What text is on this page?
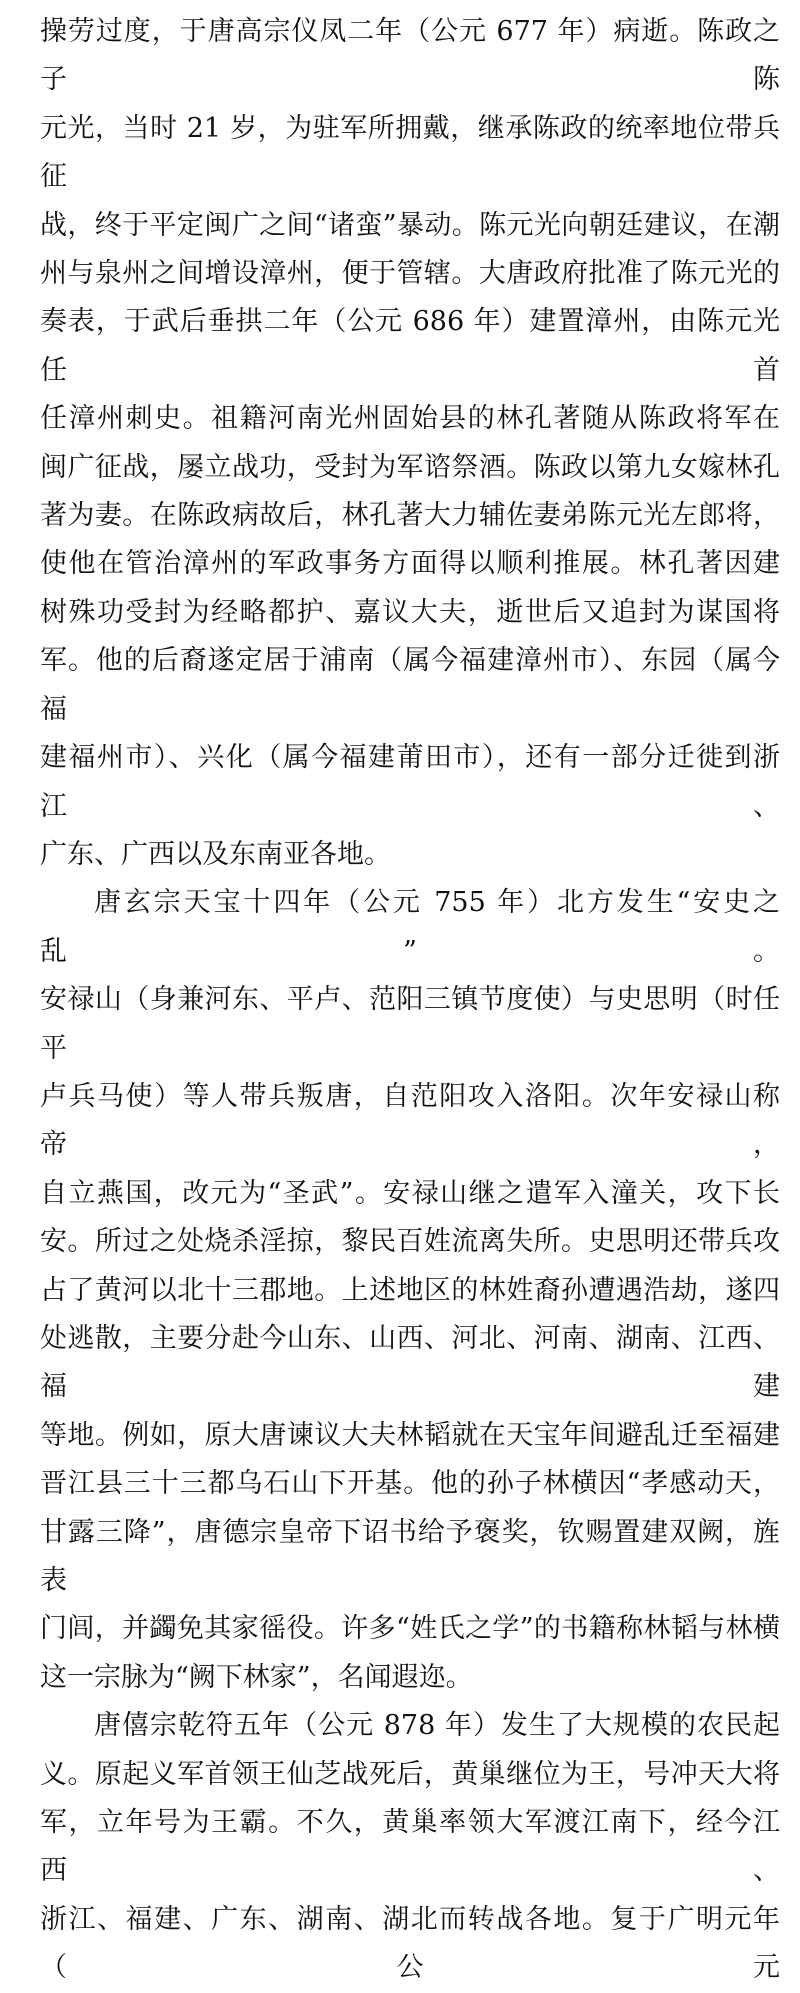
操劳过度，于唐高宗仪凤二年（公元 677 年）病逝。陈政之子陈

元光，当时 21 岁，为驻军所拥戴，继承陈政的统率地位带兵征

战，终于平定闽广之间“诸蛮”暴动。陈元光向朝廷建议，在潮

州与泉州之间增设漳州，便于管辖。大唐政府批准了陈元光的

奏表，于武后垂拱二年（公元 686 年）建置漳州，由陈元光任首

任漳州刺史。祖籍河南光州固始县的林孔著随从陈政将军在

闽广征战，屡立战功，受封为军谘祭酒。陈政以第九女嫁林孔

著为妻。在陈政病故后，林孔著大力辅佐妻弟陈元光左郎将，

使他在管治漳州的军政事务方面得以顺利推展。林孔著因建

树殊功受封为经略都护、嘉议大夫，逝世后又追封为谋国将

军。他的后裔遂定居于浦南（属今福建漳州市）、东园（属今福

建福州市）、兴化（属今福建莆田市），还有一部分迁徙到浙江、

广东、广西以及东南亚各地。

唐玄宗天宝十四年（公元 755 年）北方发生“安史之乱”。

安禄山（身兼河东、平卢、范阳三镇节度使）与史思明（时任平

卢兵马使）等人带兵叛唐，自范阳攻入洛阳。次年安禄山称帝，

自立燕国，改元为“圣武”。安禄山继之遣军入潼关，攻下长

安。所过之处烧杀淫掠，黎民百姓流离失所。史思明还带兵攻

占了黄河以北十三郡地。上述地区的林姓裔孙遭遇浩劫，遂四

处逃散，主要分赴今山东、山西、河北、河南、湖南、江西、福建

等地。例如，原大唐谏议大夫林韬就在天宝年间避乱迁至福建

晋江县三十三都乌石山下开基。他的孙子林横因“孝感动天，

甘露三降”，唐德宗皇帝下诏书给予褒奖，钦赐置建双阙，旌表

门闾，并蠲免其家徭役。许多“姓氏之学”的书籍称林韬与林横

这一宗脉为“阙下林家”，名闻遐迩。

唐僖宗乾符五年（公元 878 年）发生了大规模的农民起

义。原起义军首领王仙芝战死后，黄巢继位为王，号冲天大将

军，立年号为王霸。不久，黄巢率领大军渡江南下，经今江西、

浙江、福建、广东、湖南、湖北而转战各地。复于广明元年（公元
